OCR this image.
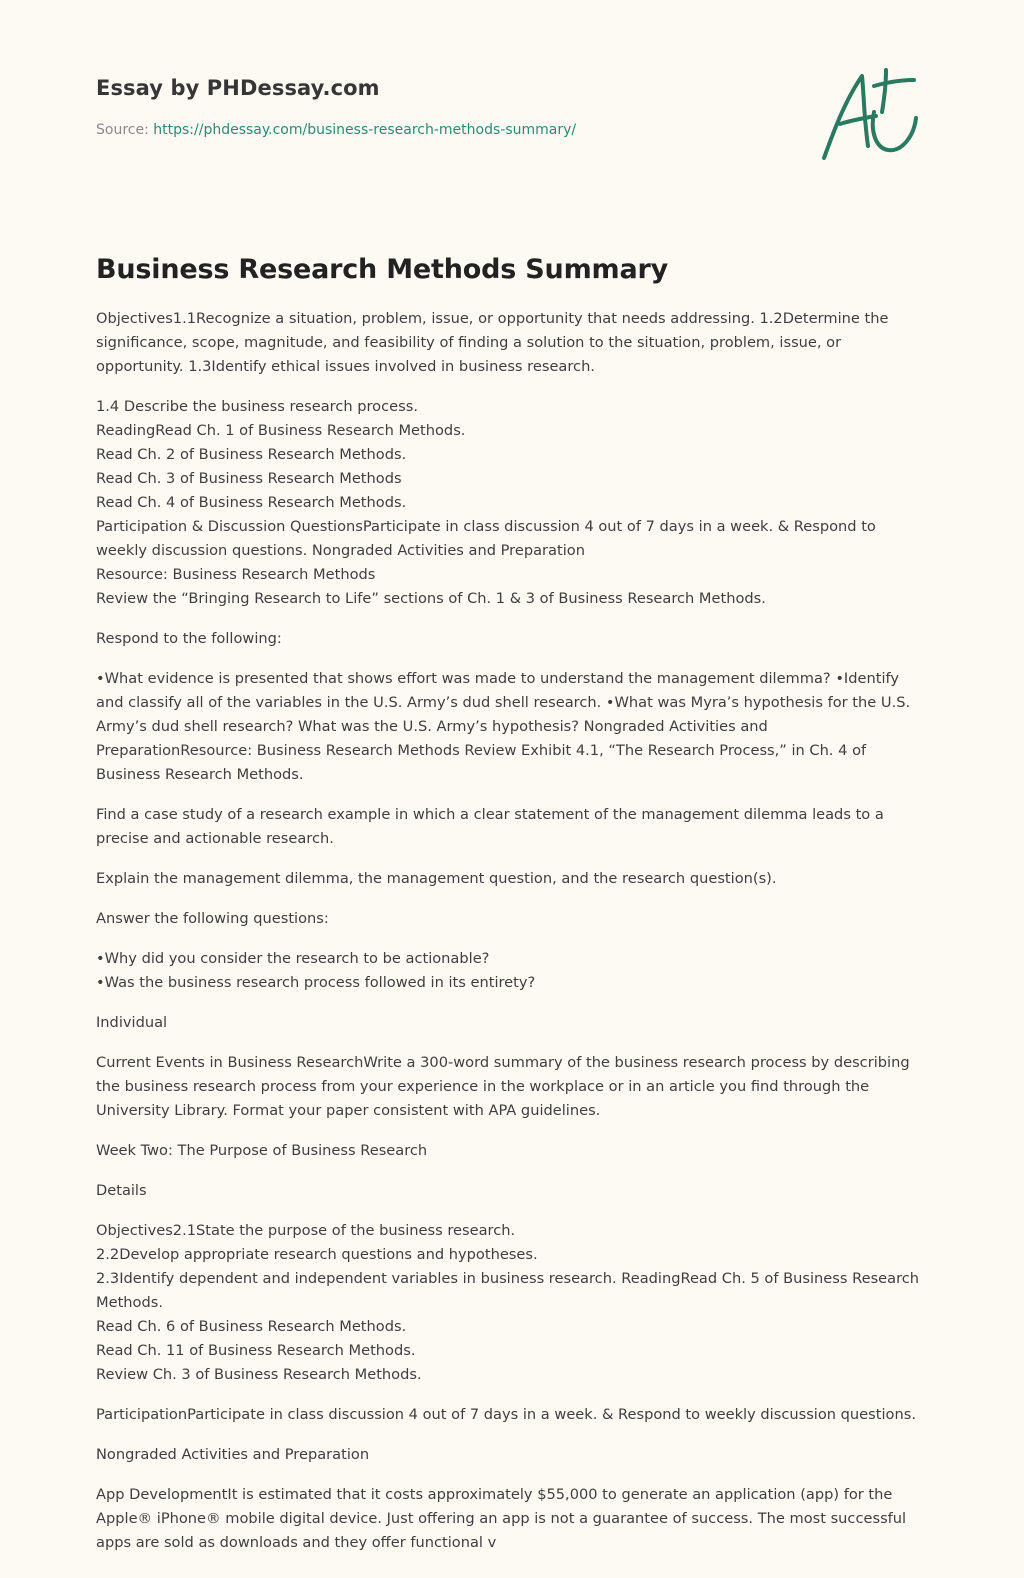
Essay by PHDessay.com
Source: https://phdessay.com/business-research-methods-summary/
Business Research Methods Summary

Objectives1.1Recognize a situation, problem, issue, or opportunity that needs addressing. 1.2Determine the significance, scope, magnitude, and feasibility of finding a solution to the situation, problem, issue, or opportunity. 1.3Identify ethical issues involved in business research.

1.4 Describe the business research process.
ReadingRead Ch. 1 of Business Research Methods.
Read Ch. 2 of Business Research Methods.
Read Ch. 3 of Business Research Methods
Read Ch. 4 of Business Research Methods.
Participation & Discussion QuestionsParticipate in class discussion 4 out of 7 days in a week. & Respond to weekly discussion questions. Nongraded Activities and Preparation
Resource: Business Research Methods
Review the “Bringing Research to Life” sections of Ch. 1 & 3 of Business Research Methods.

Respond to the following:

•What evidence is presented that shows effort was made to understand the management dilemma? •Identify and classify all of the variables in the U.S. Army’s dud shell research. •What was Myra’s hypothesis for the U.S. Army’s dud shell research? What was the U.S. Army’s hypothesis? Nongraded Activities and PreparationResource: Business Research Methods Review Exhibit 4.1, “The Research Process,” in Ch. 4 of Business Research Methods.

Find a case study of a research example in which a clear statement of the management dilemma leads to a precise and actionable research.

Explain the management dilemma, the management question, and the research question(s).

Answer the following questions:

•Why did you consider the research to be actionable?
•Was the business research process followed in its entirety?

Individual

Current Events in Business ResearchWrite a 300-word summary of the business research process by describing the business research process from your experience in the workplace or in an article you find through the University Library. Format your paper consistent with APA guidelines.

Week Two: The Purpose of Business Research

Details

Objectives2.1State the purpose of the business research.
2.2Develop appropriate research questions and hypotheses.
2.3Identify dependent and independent variables in business research. ReadingRead Ch. 5 of Business Research Methods.
Read Ch. 6 of Business Research Methods.
Read Ch. 11 of Business Research Methods.
Review Ch. 3 of Business Research Methods.

ParticipationParticipate in class discussion 4 out of 7 days in a week. & Respond to weekly discussion questions.

Nongraded Activities and Preparation

App DevelopmentIt is estimated that it costs approximately $55,000 to generate an application (app) for the Apple® iPhone® mobile digital device. Just offering an app is not a guarantee of success. The most successful apps are sold as downloads and they offer functional v
